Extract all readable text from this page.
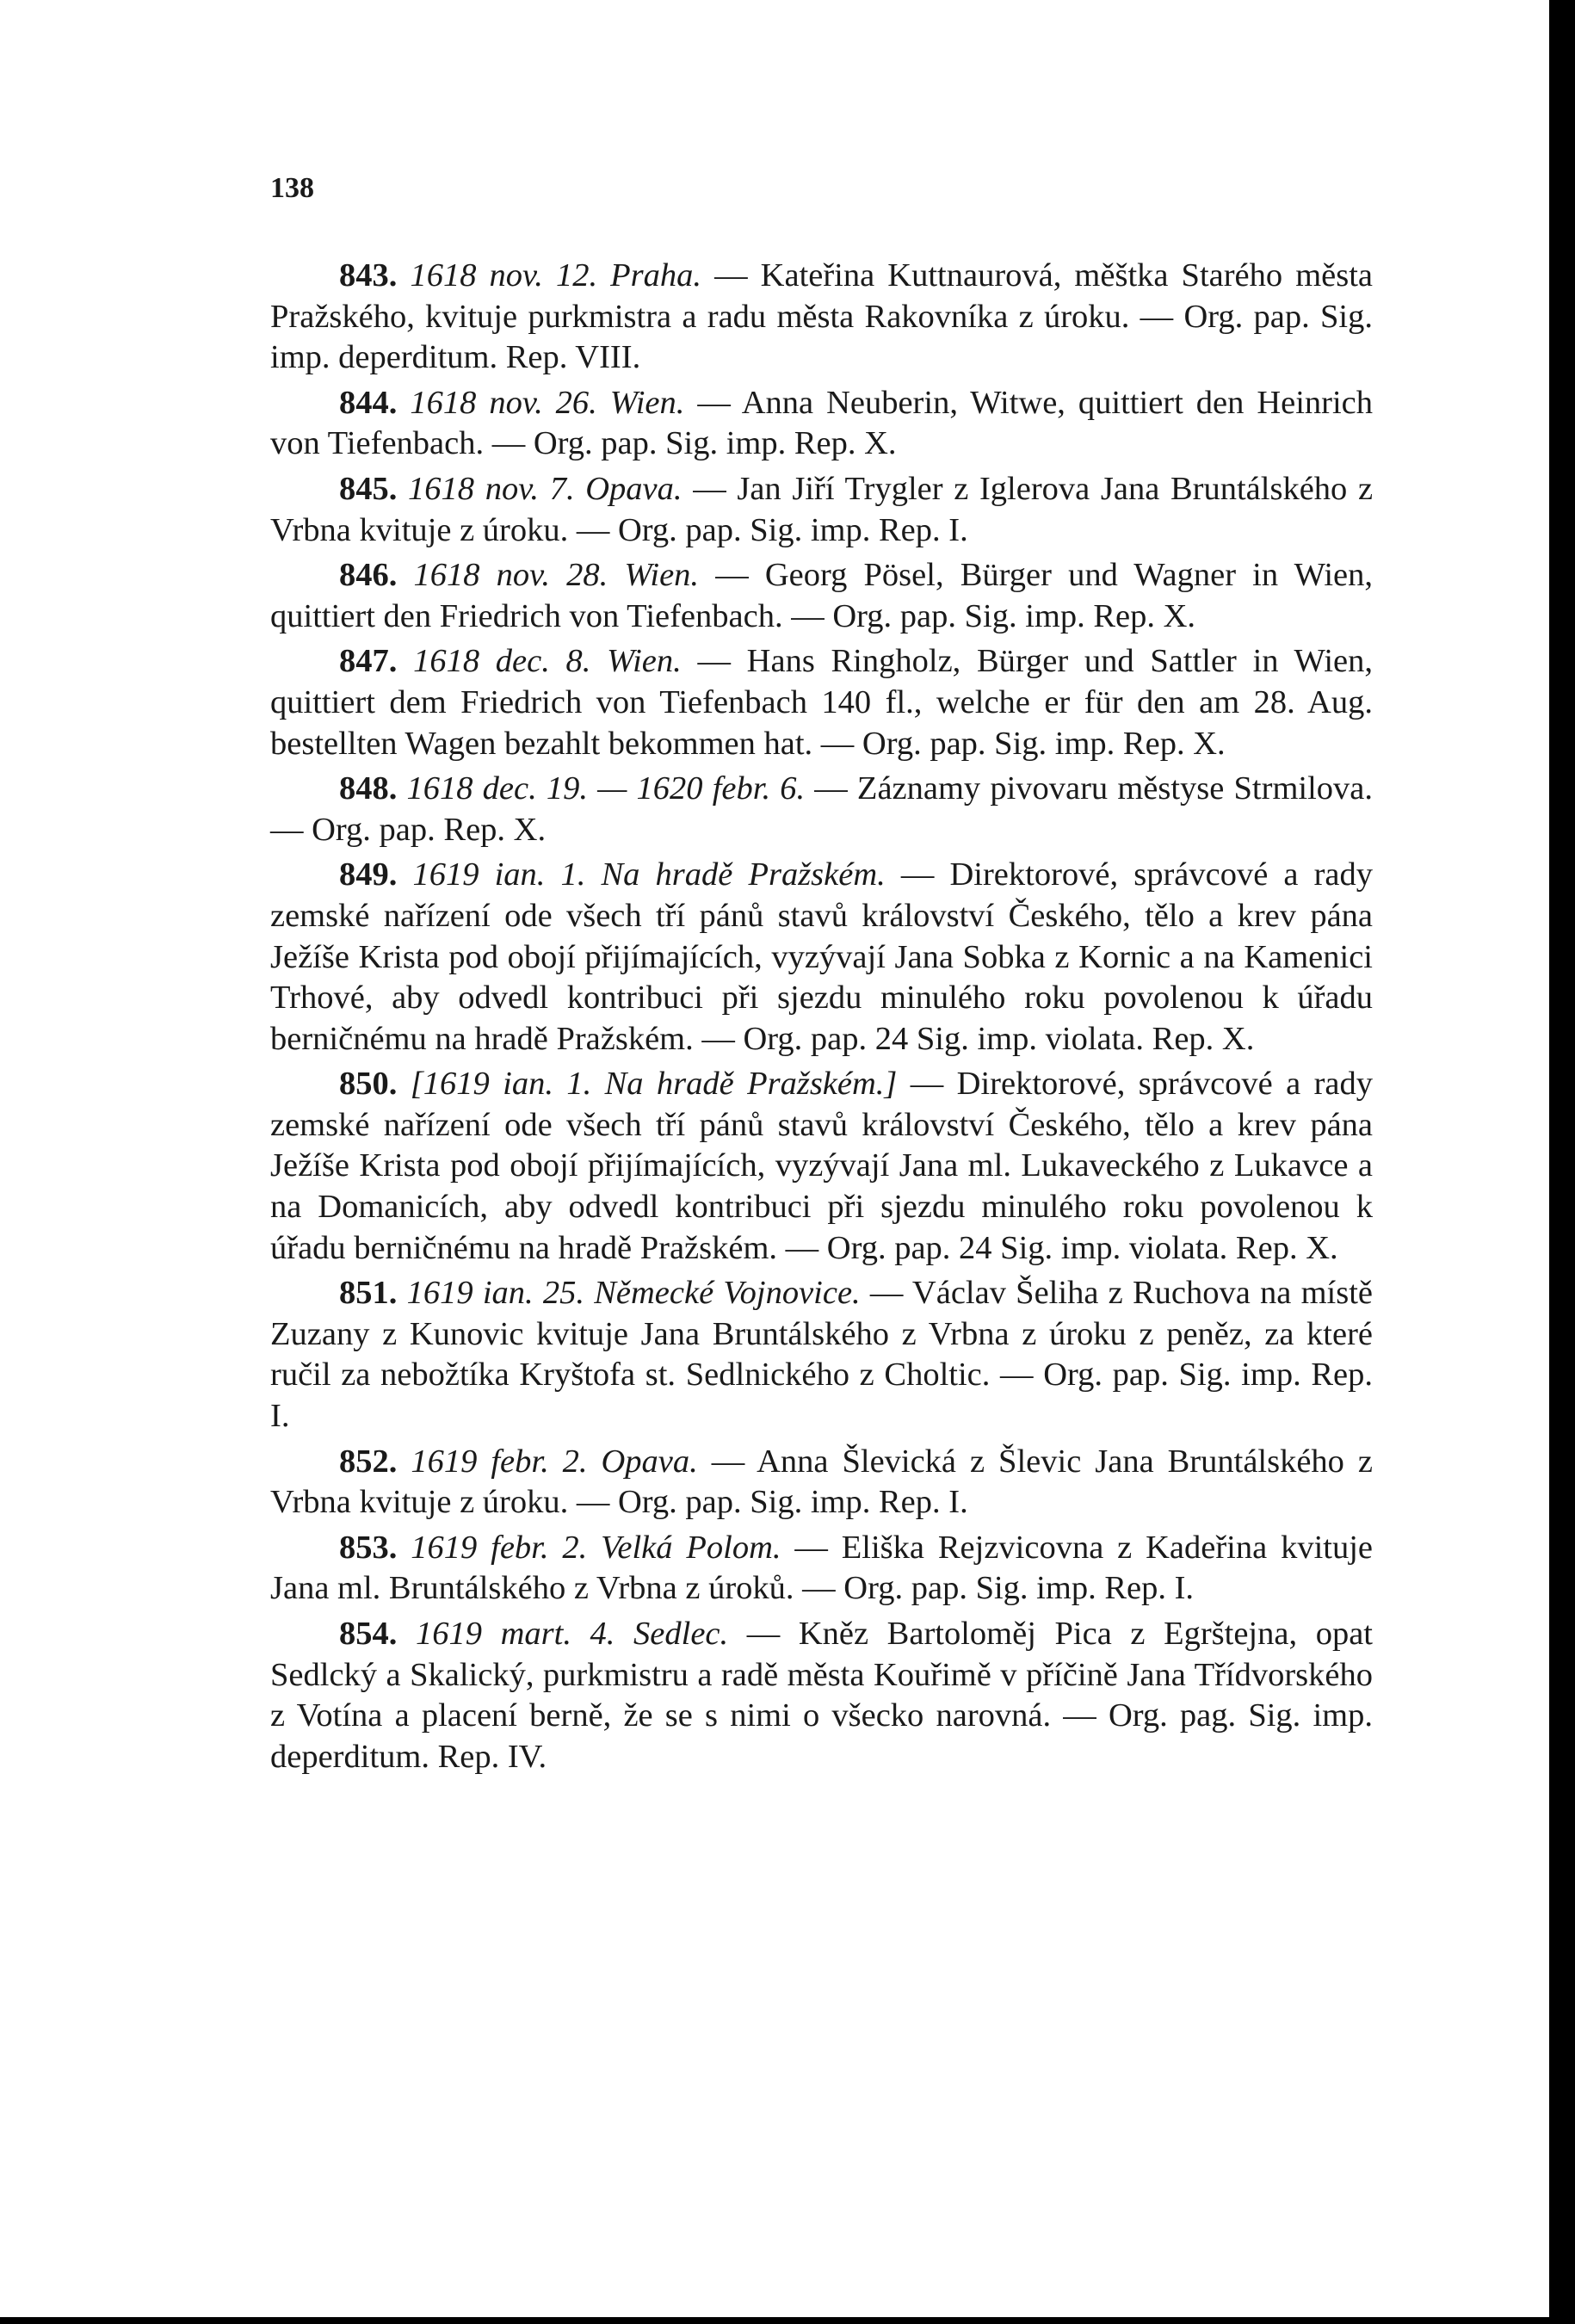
138

843. 1618 nov. 12. Praha. — Kateřina Kuttnaurová, měštka Starého města Pražského, kvituje purkmistra a radu města Rakovníka z úroku. — Org. pap. Sig. imp. deperditum. Rep. VIII.

844. 1618 nov. 26. Wien. — Anna Neuberin, Witwe, quittiert den Heinrich von Tiefenbach. — Org. pap. Sig. imp. Rep. X.

845. 1618 nov. 7. Opava. — Jan Jiří Trygler z Iglerova Jana Bruntálského z Vrbna kvituje z úroku. — Org. pap. Sig. imp. Rep. I.

846. 1618 nov. 28. Wien. — Georg Pösel, Bürger und Wagner in Wien, quittiert den Friedrich von Tiefenbach. — Org. pap. Sig. imp. Rep. X.

847. 1618 dec. 8. Wien. — Hans Ringholz, Bürger und Sattler in Wien, quittiert dem Friedrich von Tiefenbach 140 fl., welche er für den am 28. Aug. bestellten Wagen bezahlt bekommen hat. — Org. pap. Sig. imp. Rep. X.

848. 1618 dec. 19. — 1620 febr. 6. — Záznamy pivovaru městyse Strmilova. — Org. pap. Rep. X.

849. 1619 ian. 1. Na hradě Pražském. — Direktorové, správcové a rady zemské nařízení ode všech tří pánů stavů království Českého, tělo a krev pána Ježíše Krista pod obojí přijímajících, vyzývají Jana Sobka z Kornic a na Kamenici Trhové, aby odvedl kontribuci při sjezdu minulého roku povolenou k úřadu berničnému na hradě Pražském. — Org. pap. 24 Sig. imp. violata. Rep. X.

850. [1619 ian. 1. Na hradě Pražském.] — Direktorové, správcové a rady zemské nařízení ode všech tří pánů stavů království Českého, tělo a krev pána Ježíše Krista pod obojí přijímajících, vyzývají Jana ml. Lukaveckého z Lukavce a na Domanicích, aby odvedl kontribuci při sjezdu minulého roku povolenou k úřadu berničnému na hradě Pražském. — Org. pap. 24 Sig. imp. violata. Rep. X.

851. 1619 ian. 25. Německé Vojnovice. — Václav Šeliha z Ruchova na místě Zuzany z Kunovic kvituje Jana Bruntálského z Vrbna z úroku z peněz, za které ručil za nebožtíka Kryštofa st. Sedlnického z Choltic. — Org. pap. Sig. imp. Rep. I.

852. 1619 febr. 2. Opava. — Anna Šlevická z Šlevic Jana Bruntálského z Vrbna kvituje z úroku. — Org. pap. Sig. imp. Rep. I.

853. 1619 febr. 2. Velká Polom. — Eliška Rejzvicovna z Kadeřina kvituje Jana ml. Bruntálského z Vrbna z úroků. — Org. pap. Sig. imp. Rep. I.

854. 1619 mart. 4. Sedlec. — Kněz Bartoloměj Pica z Egrštejna, opat Sedlcký a Skalický, purkmistru a radě města Kouřimě v příčině Jana Třídvorského z Votína a placení berně, že se s nimi o všecko narovná. — Org. pag. Sig. imp. deperditum. Rep. IV.
